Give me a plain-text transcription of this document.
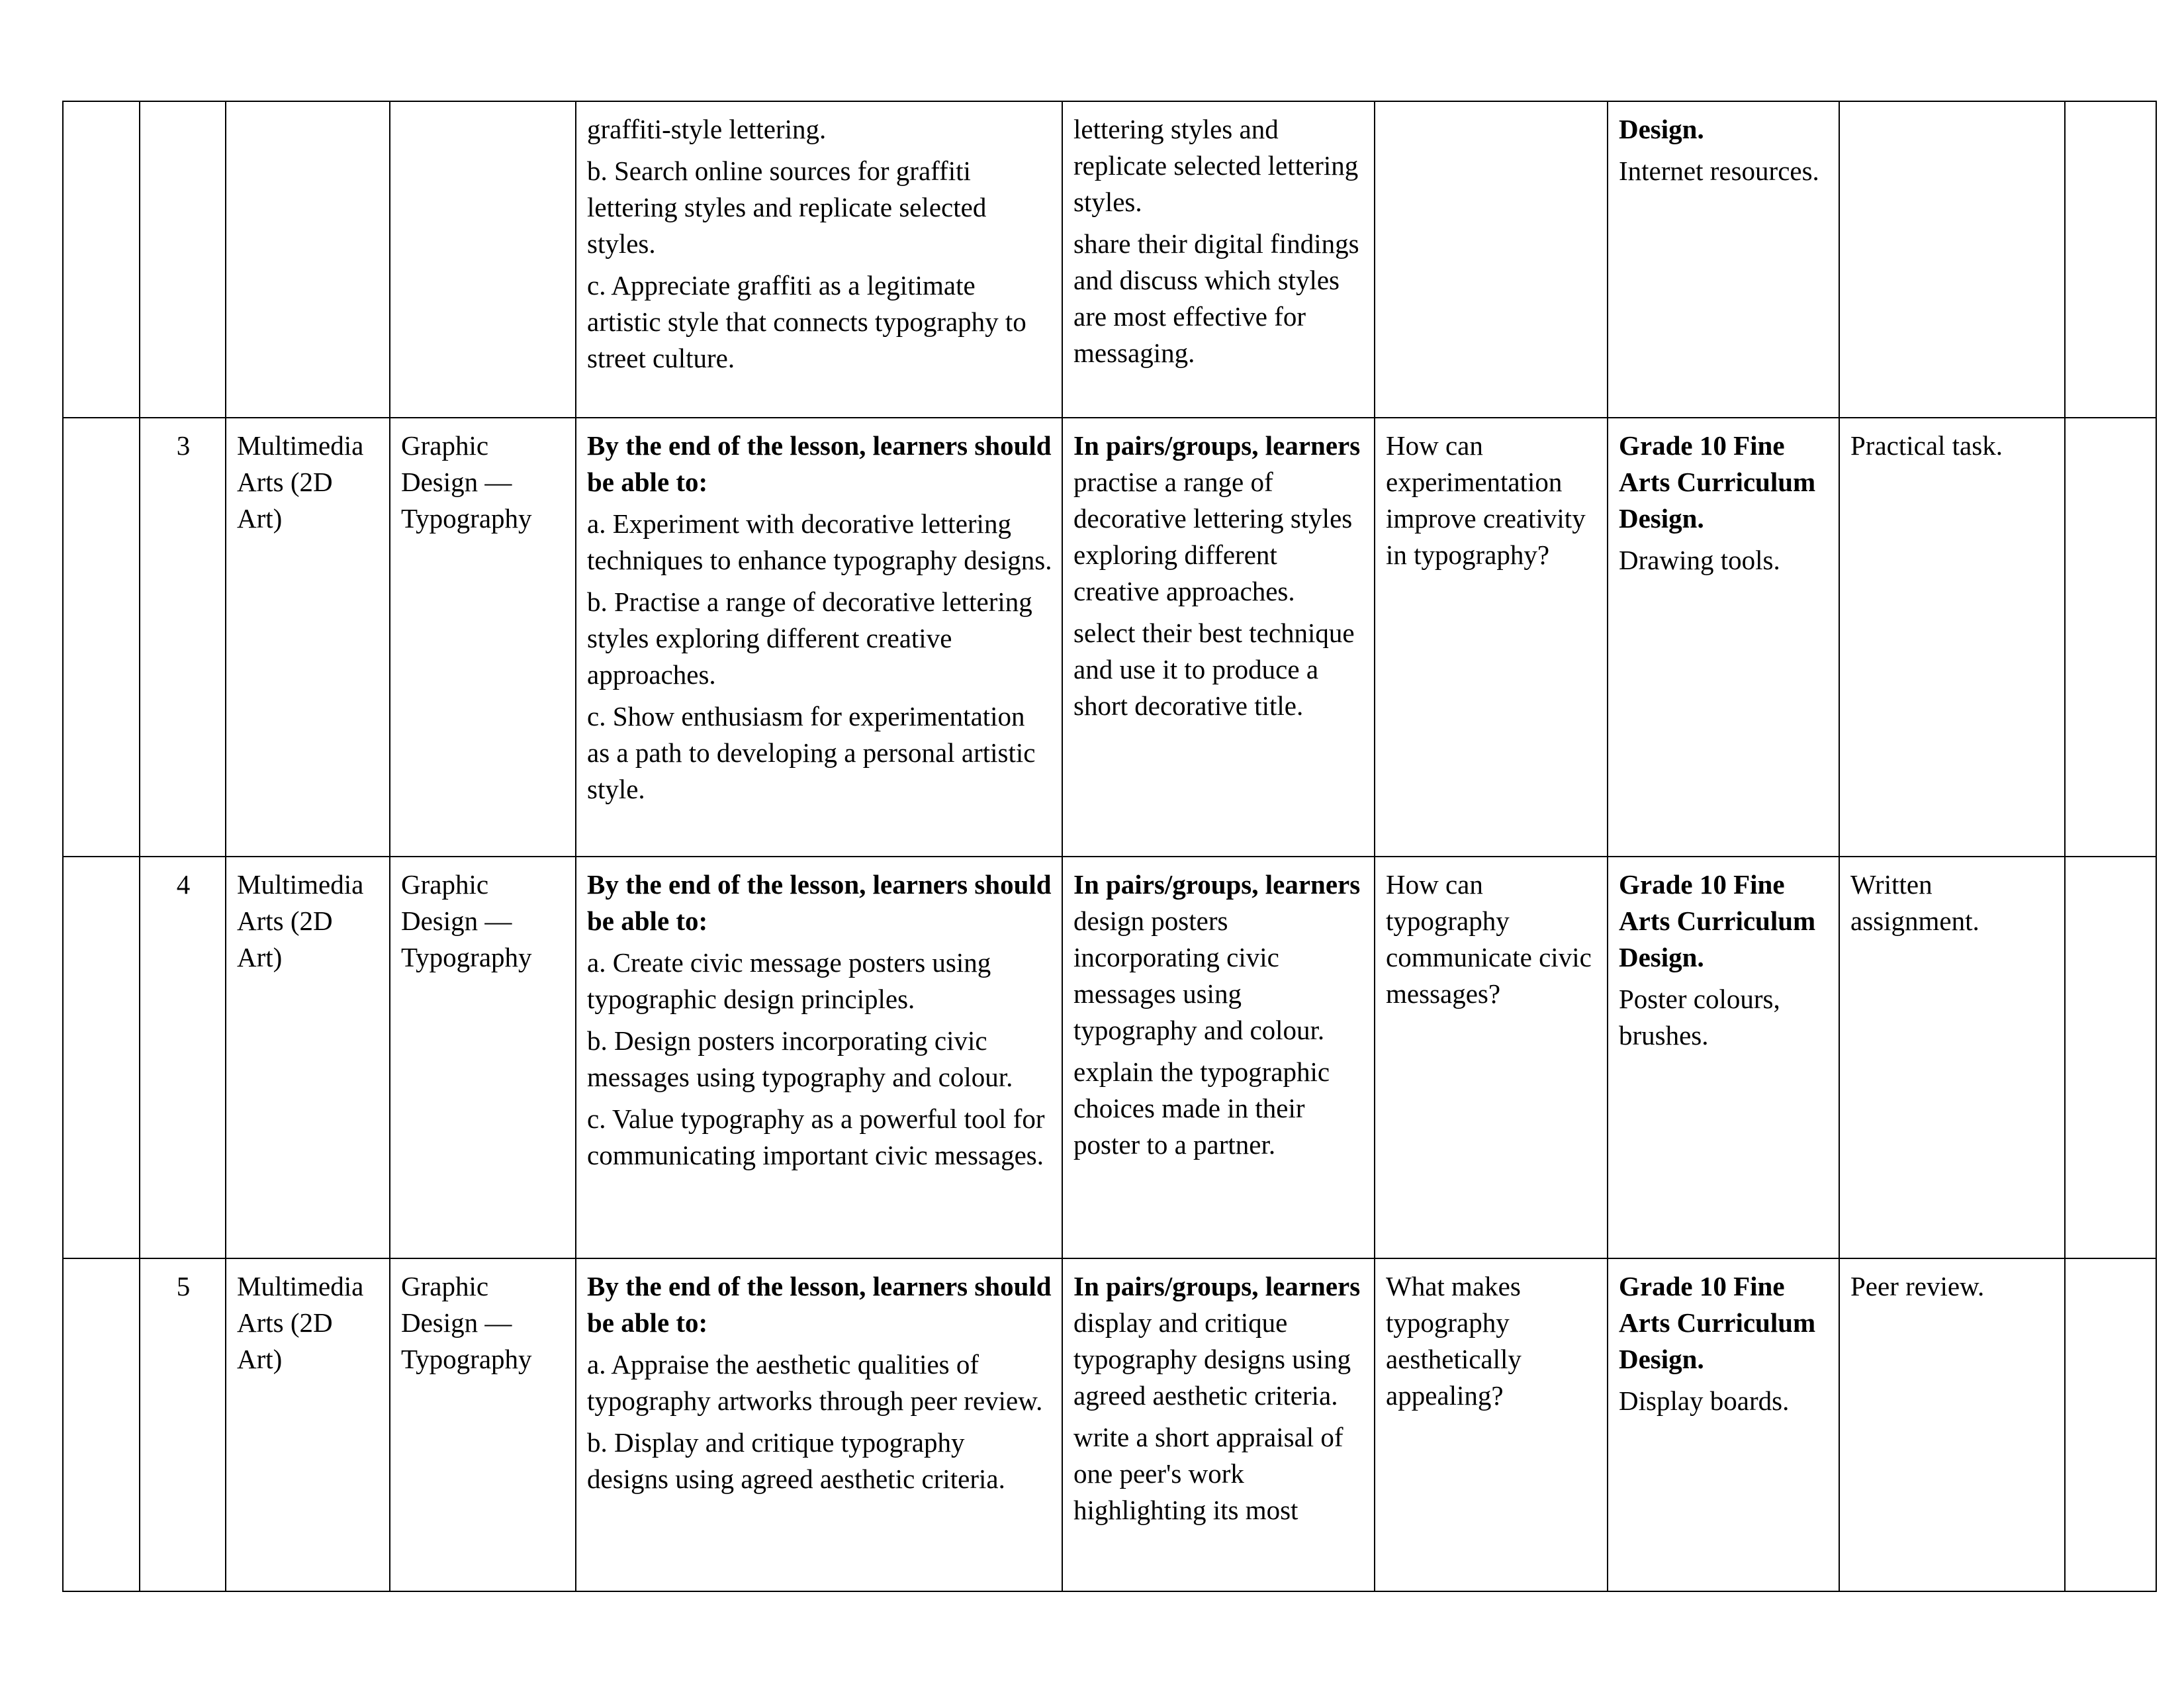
				graffiti-style lettering.
b. Search online sources for graffiti lettering styles and replicate selected styles.
c. Appreciate graffiti as a legitimate artistic style that connects typography to street culture.	lettering styles and replicate selected lettering styles.
share their digital findings and discuss which styles are most effective for messaging.		Design.
Internet resources.		

	3	Multimedia Arts (2D Art)	Graphic Design — Typography	By the end of the lesson, learners should be able to:
a. Experiment with decorative lettering techniques to enhance typography designs.
b. Practise a range of decorative lettering styles exploring different creative approaches.
c. Show enthusiasm for experimentation as a path to developing a personal artistic style.	In pairs/groups, learners practise a range of decorative lettering styles exploring different creative approaches.
select their best technique and use it to produce a short decorative title.	How can experimentation improve creativity in typography?	Grade 10 Fine Arts Curriculum Design.
Drawing tools.	Practical task.	
	4	Multimedia Arts (2D Art)	Graphic Design — Typography	By the end of the lesson, learners should be able to:
a. Create civic message posters using typographic design principles.
b. Design posters incorporating civic messages using typography and colour.
c. Value typography as a powerful tool for communicating important civic messages.	In pairs/groups, learners design posters incorporating civic messages using typography and colour.
explain the typographic choices made in their poster to a partner.	How can typography communicate civic messages?	Grade 10 Fine Arts Curriculum Design.
Poster colours, brushes.	Written assignment.	
	5	Multimedia Arts (2D Art)	Graphic Design — Typography	By the end of the lesson, learners should be able to:
a. Appraise the aesthetic qualities of typography artworks through peer review.
b. Display and critique typography designs using agreed aesthetic criteria.	In pairs/groups, learners display and critique typography designs using agreed aesthetic criteria.
write a short appraisal of one peer's work highlighting its most	What makes typography aesthetically appealing?	Grade 10 Fine Arts Curriculum Design.
Display boards.	Peer review.	
